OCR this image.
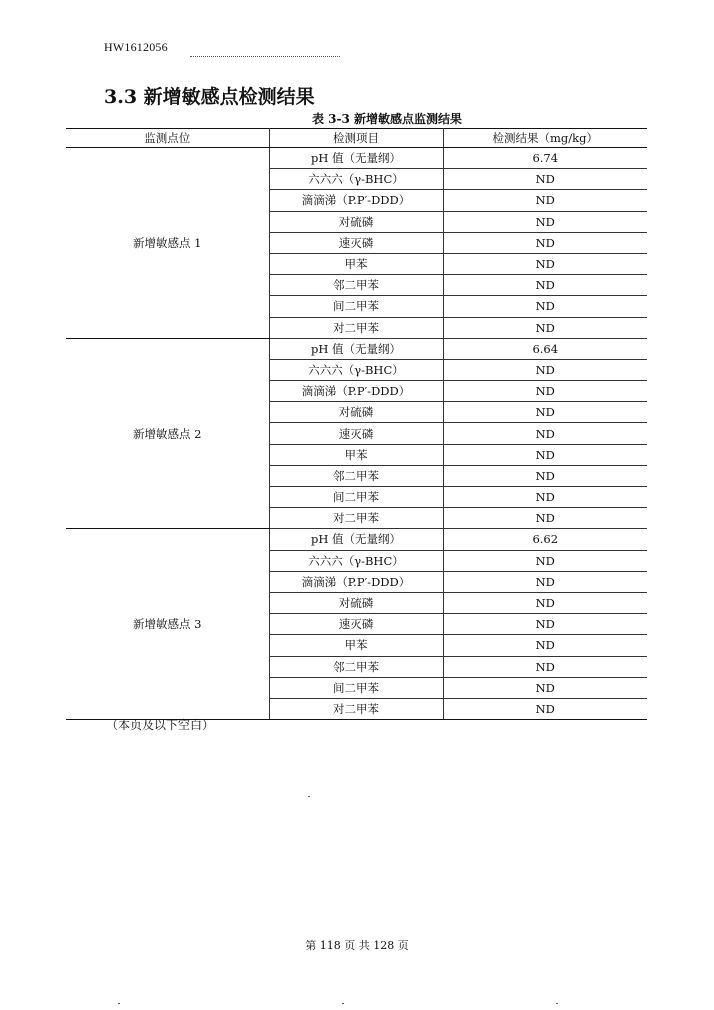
HW1612056
3.3 新增敏感点检测结果
表 3-3 新增敏感点监测结果
监测点位	检测项目	检测结果（mg/kg）
新增敏感点 1	pH 值（无量纲）	6.74
	六六六（γ-BHC）	ND
	滴滴涕（P.P′-DDD）	ND
	对硫磷	ND
	速灭磷	ND
	甲苯	ND
	邻二甲苯	ND
	间二甲苯	ND
	对二甲苯	ND
新增敏感点 2	pH 值（无量纲）	6.64
	六六六（γ-BHC）	ND
	滴滴涕（P.P′-DDD）	ND
	对硫磷	ND
	速灭磷	ND
	甲苯	ND
	邻二甲苯	ND
	间二甲苯	ND
	对二甲苯	ND
新增敏感点 3	pH 值（无量纲）	6.62
	六六六（γ-BHC）	ND
	滴滴涕（P.P′-DDD）	ND
	对硫磷	ND
	速灭磷	ND
	甲苯	ND
	邻二甲苯	ND
	间二甲苯	ND
	对二甲苯	ND
（本页及以下空白）
第 118 页 共 128 页
